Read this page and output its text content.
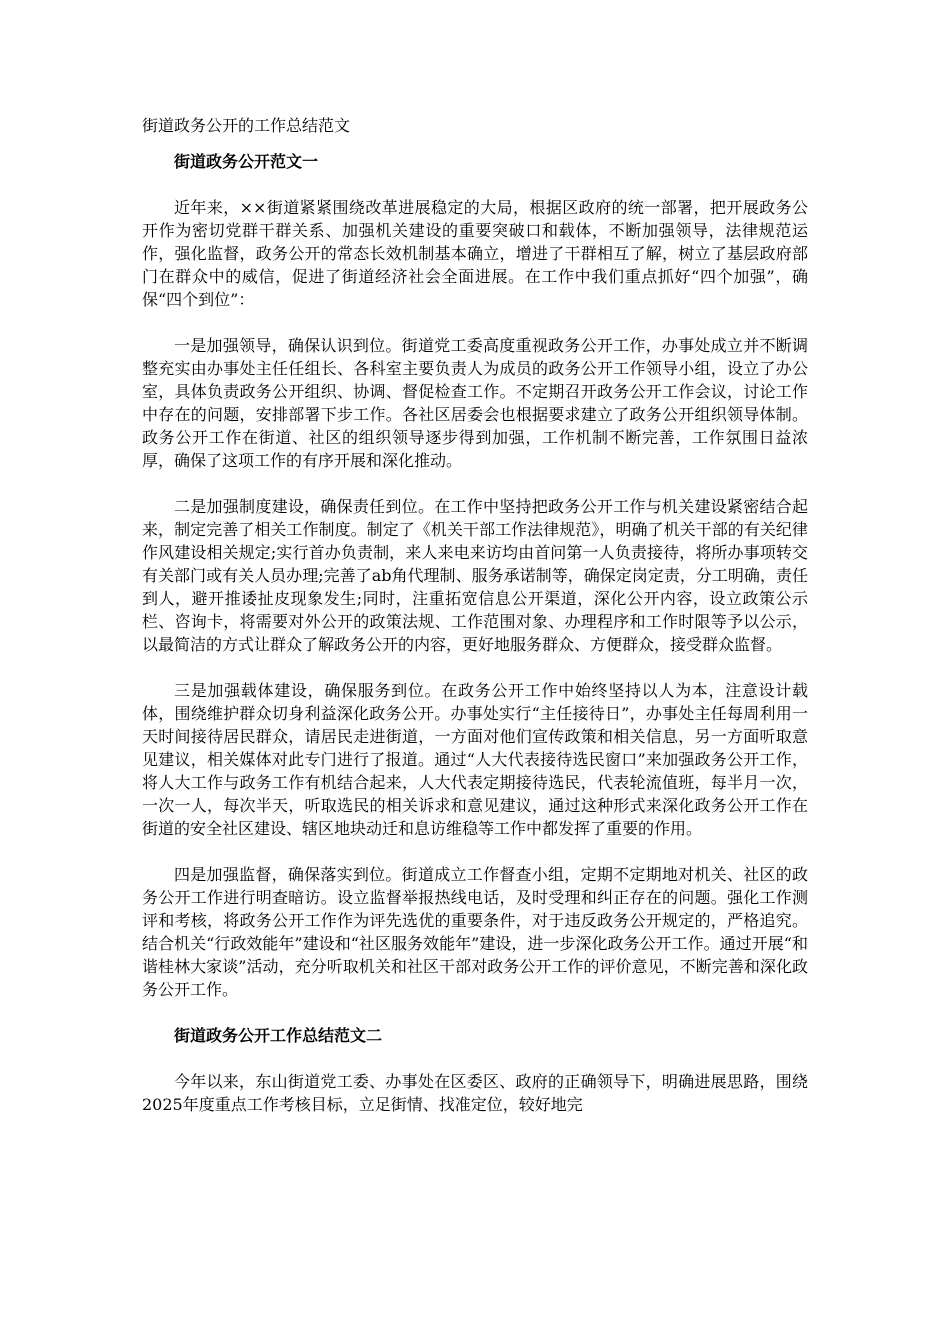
街道政务公开的工作总结范文
街道政务公开范文一

近年来，××街道紧紧围绕改革进展稳定的大局，根据区政府的统一部署，把开展政务公开作为密切党群干群关系、加强机关建设的重要突破口和载体，不断加强领导，法律规范运作，强化监督，政务公开的常态长效机制基本确立，增进了干群相互了解，树立了基层政府部门在群众中的威信，促进了街道经济社会全面进展。在工作中我们重点抓好“四个加强”，确保“四个到位”：

一是加强领导，确保认识到位。街道党工委高度重视政务公开工作，办事处成立并不断调整充实由办事处主任任组长、各科室主要负责人为成员的政务公开工作领导小组，设立了办公室，具体负责政务公开组织、协调、督促检查工作。不定期召开政务公开工作会议，讨论工作中存在的问题，安排部署下步工作。各社区居委会也根据要求建立了政务公开组织领导体制。政务公开工作在街道、社区的组织领导逐步得到加强，工作机制不断完善，工作氛围日益浓厚，确保了这项工作的有序开展和深化推动。

二是加强制度建设，确保责任到位。在工作中坚持把政务公开工作与机关建设紧密结合起来，制定完善了相关工作制度。制定了《机关干部工作法律规范》，明确了机关干部的有关纪律作风建设相关规定;实行首办负责制，来人来电来访均由首问第一人负责接待，将所办事项转交有关部门或有关人员办理;完善了ab角代理制、服务承诺制等，确保定岗定责，分工明确，责任到人，避开推诿扯皮现象发生;同时，注重拓宽信息公开渠道，深化公开内容，设立政策公示栏、咨询卡，将需要对外公开的政策法规、工作范围对象、办理程序和工作时限等予以公示，以最简洁的方式让群众了解政务公开的内容，更好地服务群众、方便群众，接受群众监督。

三是加强载体建设，确保服务到位。在政务公开工作中始终坚持以人为本，注意设计载体，围绕维护群众切身利益深化政务公开。办事处实行“主任接待日”，办事处主任每周利用一天时间接待居民群众，请居民走进街道，一方面对他们宣传政策和相关信息，另一方面听取意见建议，相关媒体对此专门进行了报道。通过“人大代表接待选民窗口”来加强政务公开工作，将人大工作与政务工作有机结合起来，人大代表定期接待选民，代表轮流值班，每半月一次，一次一人，每次半天，听取选民的相关诉求和意见建议，通过这种形式来深化政务公开工作在街道的安全社区建设、辖区地块动迁和息访维稳等工作中都发挥了重要的作用。

四是加强监督，确保落实到位。街道成立工作督查小组，定期不定期地对机关、社区的政务公开工作进行明查暗访。设立监督举报热线电话，及时受理和纠正存在的问题。强化工作测评和考核，将政务公开工作作为评先选优的重要条件，对于违反政务公开规定的，严格追究。结合机关“行政效能年”建设和“社区服务效能年”建设，进一步深化政务公开工作。通过开展“和谐桂林大家谈”活动，充分听取机关和社区干部对政务公开工作的评价意见，不断完善和深化政务公开工作。

街道政务公开工作总结范文二

今年以来，东山街道党工委、办事处在区委区、政府的正确领导下，明确进展思路，围绕2025年度重点工作考核目标，立足街情、找准定位，较好地完
